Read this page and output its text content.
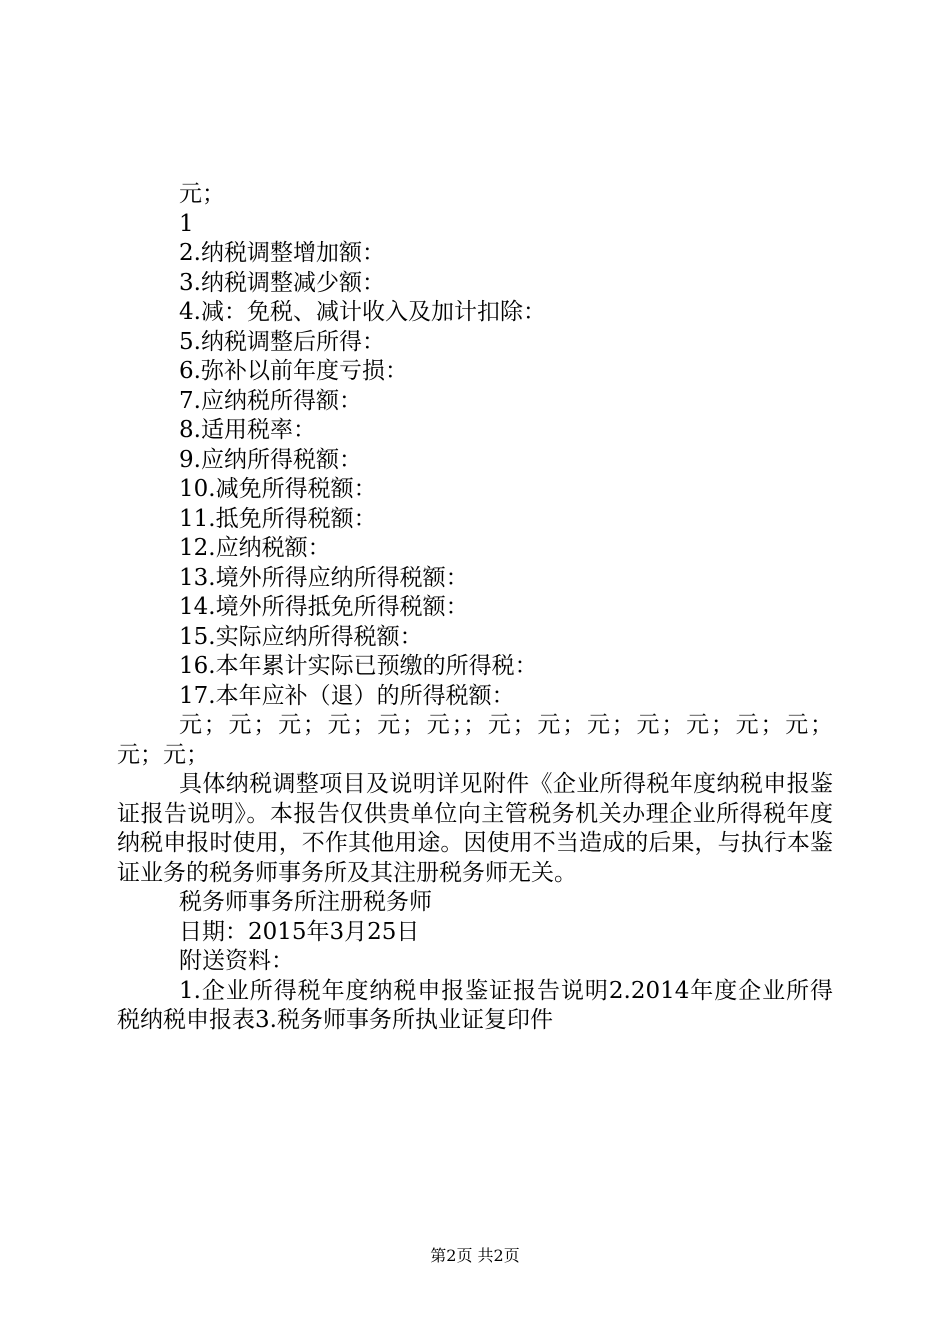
元；

1

2.纳税调整增加额：

3.纳税调整减少额：

4.减：免税、减计收入及加计扣除：

5.纳税调整后所得：

6.弥补以前年度亏损：

7.应纳税所得额：

8.适用税率：

9.应纳所得税额：

10.减免所得税额：

11.抵免所得税额：

12.应纳税额：

13.境外所得应纳所得税额：

14.境外所得抵免所得税额：

15.实际应纳所得税额：

16.本年累计实际已预缴的所得税：

17.本年应补（退）的所得税额：

元；元；元；元；元；元；；元；元；元；元；元；元；元；元；元；

具体纳税调整项目及说明详见附件《企业所得税年度纳税申报鉴证报告说明》。本报告仅供贵单位向主管税务机关办理企业所得税年度纳税申报时使用，不作其他用途。因使用不当造成的后果，与执行本鉴证业务的税务师事务所及其注册税务师无关。

税务师事务所注册税务师

日期：2015年3月25日

附送资料：

1.企业所得税年度纳税申报鉴证报告说明2.2014年度企业所得税纳税申报表3.税务师事务所执业证复印件

第2页 共2页
